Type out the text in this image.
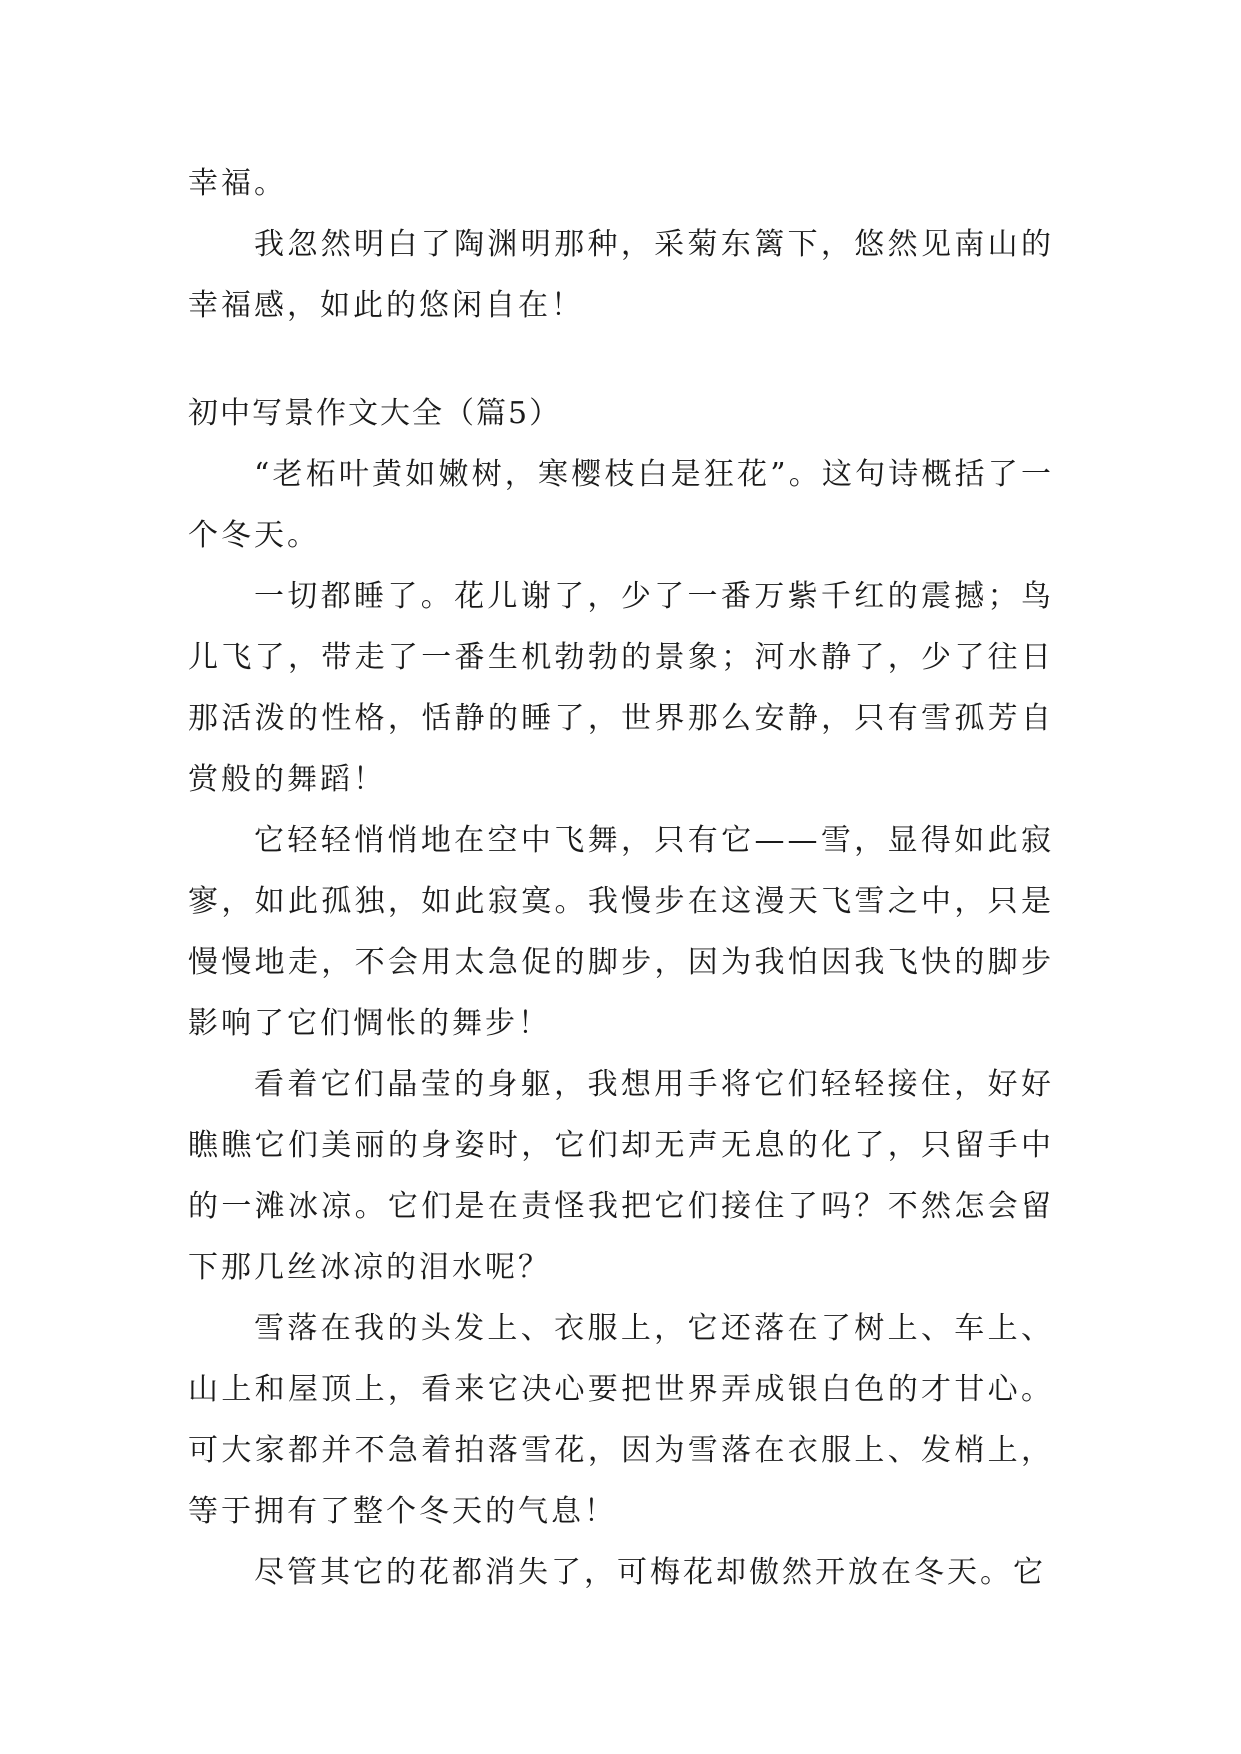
幸福。

我忽然明白了陶渊明那种，采菊东篱下，悠然见南山的幸福感，如此的悠闲自在！

初中写景作文大全（篇5）

“老柘叶黄如嫩树，寒樱枝白是狂花”。这句诗概括了一个冬天。

一切都睡了。花儿谢了，少了一番万紫千红的震撼；鸟儿飞了，带走了一番生机勃勃的景象；河水静了，少了往日那活泼的性格，恬静的睡了，世界那么安静，只有雪孤芳自赏般的舞蹈！

它轻轻悄悄地在空中飞舞，只有它——雪，显得如此寂寥，如此孤独，如此寂寞。我慢步在这漫天飞雪之中，只是慢慢地走，不会用太急促的脚步，因为我怕因我飞快的脚步影响了它们惆怅的舞步！

看着它们晶莹的身躯，我想用手将它们轻轻接住，好好瞧瞧它们美丽的身姿时，它们却无声无息的化了，只留手中的一滩冰凉。它们是在责怪我把它们接住了吗？不然怎会留下那几丝冰凉的泪水呢？

雪落在我的头发上、衣服上，它还落在了树上、车上、山上和屋顶上，看来它决心要把世界弄成银白色的才甘心。可大家都并不急着拍落雪花，因为雪落在衣服上、发梢上，等于拥有了整个冬天的气息！

尽管其它的花都消失了，可梅花却傲然开放在冬天。它
